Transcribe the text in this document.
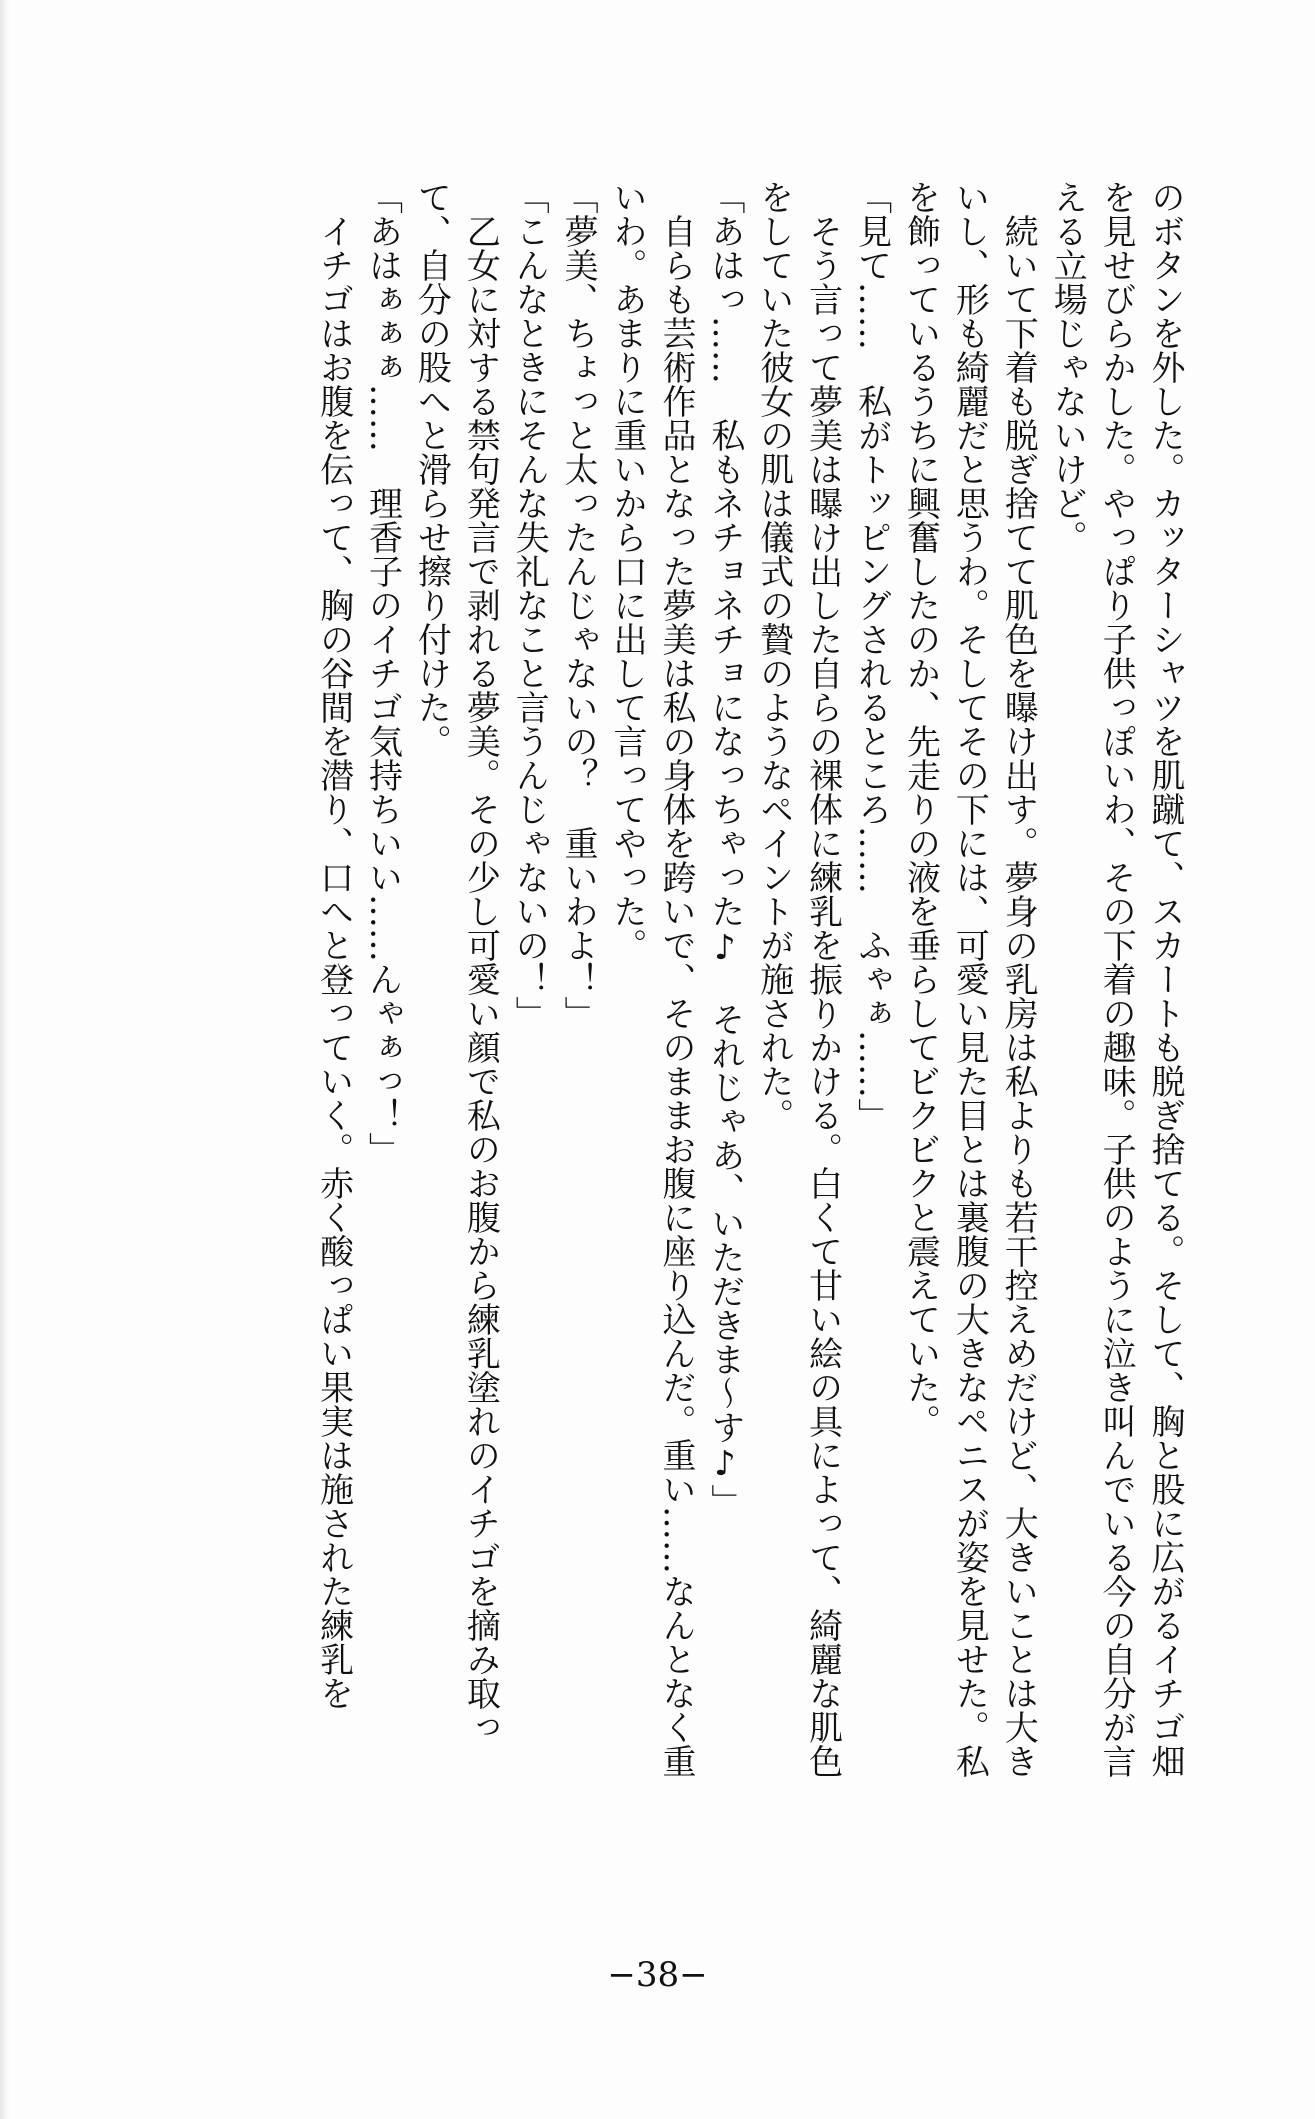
のボタンを外した。カッターシャツを肌蹴て、スカートも脱ぎ捨てる。そして、胸と股に広がるイチゴ畑を見せびらかした。やっぱり子供っぽいわ、その下着の趣味。子供のように泣き叫んでいる今の自分が言える立場じゃないけど。

　続いて下着も脱ぎ捨てて肌色を曝け出す。夢身の乳房は私よりも若干控えめだけど、大きいことは大きいし、形も綺麗だと思うわ。そしてその下には、可愛い見た目とは裏腹の大きなペニスが姿を見せた。私を飾っているうちに興奮したのか、先走りの液を垂らしてビクビクと震えていた。

「見て……　私がトッピングされるところ……　ふゃぁ……」

　そう言って夢美は曝け出した自らの裸体に練乳を振りかける。白くて甘い絵の具によって、綺麗な肌色をしていた彼女の肌は儀式の贄のようなペイントが施された。

「あはっ……　私もネチョネチョになっちゃった♪　それじゃあ、いただきま〜す♪」

　自らも芸術作品となった夢美は私の身体を跨いで、そのままお腹に座り込んだ。重い……なんとなく重いわ。あまりに重いから口に出して言ってやった。

「夢美、ちょっと太ったんじゃないの？　重いわよ！」

「こんなときにそんな失礼なこと言うんじゃないの！」

　乙女に対する禁句発言で剥れる夢美。その少し可愛い顔で私のお腹から練乳塗れのイチゴを摘み取って、自分の股へと滑らせ擦り付けた。

「あはぁぁぁ……　理香子のイチゴ気持ちいい……んゃぁっ！」

　イチゴはお腹を伝って、胸の谷間を潜り、口へと登っていく。赤く酸っぱい果実は施された練乳を

−38−
